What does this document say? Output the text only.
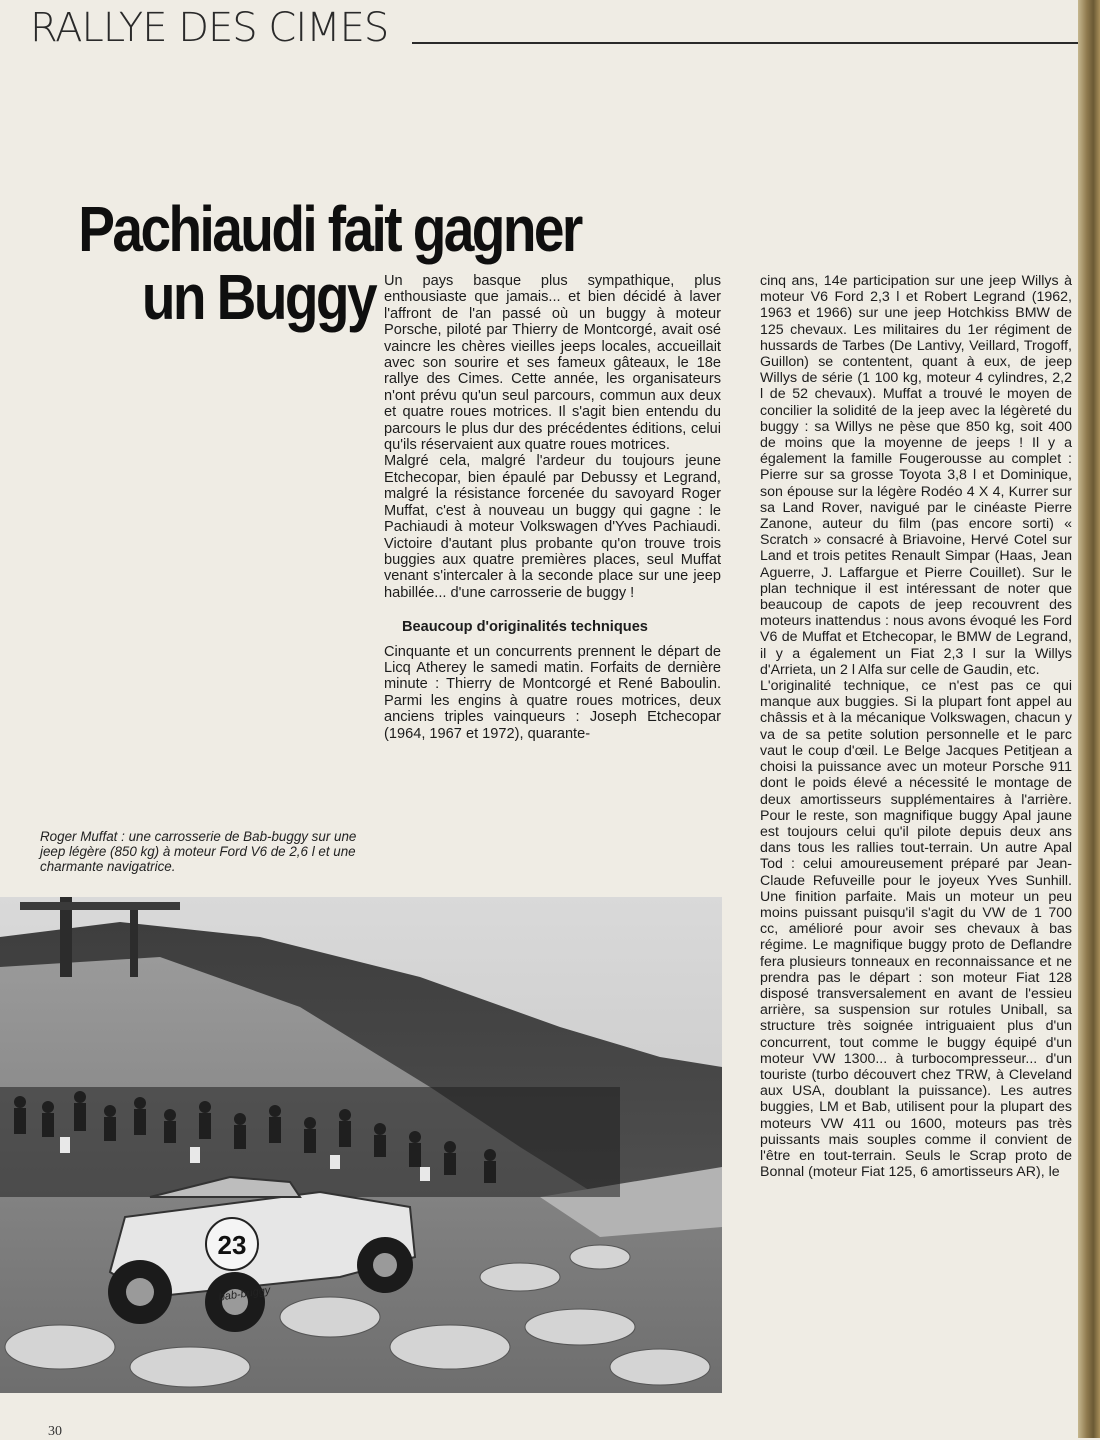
RALLYE DES CIMES
Pachiaudi fait gagner
un Buggy Un pays basque plus sympathique, plus enthousiaste que jamais... et bien décidé à laver l'affront de l'an passé où un buggy à moteur Porsche, piloté par Thierry de Montcorgé, avait osé vaincre les chères vieilles jeeps locales, accueillait avec son sourire et ses fameux gâteaux, le 18e rallye des Cimes. Cette année, les organisateurs n'ont prévu qu'un seul parcours, commun aux deux et quatre roues motrices. Il s'agit bien entendu du parcours le plus dur des précédentes éditions, celui qu'ils réservaient aux quatre roues motrices.

Malgré cela, malgré l'ardeur du toujours jeune Etchecopar, bien épaulé par Debussy et Legrand, malgré la résistance forcenée du savoyard Roger Muffat, c'est à nouveau un buggy qui gagne : le Pachiaudi à moteur Volkswagen d'Yves Pachiaudi. Victoire d'autant plus probante qu'on trouve trois buggies aux quatre premières places, seul Muffat venant s'intercaler à la seconde place sur une jeep habillée... d'une carrosserie de buggy !

Beaucoup d'originalités techniques

Cinquante et un concurrents prennent le départ de Licq Atherey le samedi matin. Forfaits de dernière minute : Thierry de Montcorgé et René Baboulin. Parmi les engins à quatre roues motrices, deux anciens triples vainqueurs : Joseph Etchecopar (1964, 1967 et 1972), quarante-

cinq ans, 14e participation sur une jeep Willys à moteur V6 Ford 2,3 l et Robert Legrand (1962, 1963 et 1966) sur une jeep Hotchkiss BMW de 125 chevaux. Les militaires du 1er régiment de hussards de Tarbes (De Lantivy, Veillard, Trogoff, Guillon) se contentent, quant à eux, de jeep Willys de série (1 100 kg, moteur 4 cylindres, 2,2 l de 52 chevaux). Muffat a trouvé le moyen de concilier la solidité de la jeep avec la légèreté du buggy : sa Willys ne pèse que 850 kg, soit 400 de moins que la moyenne de jeeps ! Il y a également la famille Fougerousse au complet : Pierre sur sa grosse Toyota 3,8 l et Dominique, son épouse sur la légère Rodéo 4 X 4, Kurrer sur sa Land Rover, navigué par le cinéaste Pierre Zanone, auteur du film (pas encore sorti) « Scratch » consacré à Briavoine, Hervé Cotel sur Land et trois petites Renault Simpar (Haas, Jean Aguerre, J. Laffargue et Pierre Couillet). Sur le plan technique il est intéressant de noter que beaucoup de capots de jeep recouvrent des moteurs inattendus : nous avons évoqué les Ford V6 de Muffat et Etchecopar, le BMW de Legrand, il y a également un Fiat 2,3 l sur la Willys d'Arrieta, un 2 l Alfa sur celle de Gaudin, etc.

L'originalité technique, ce n'est pas ce qui manque aux buggies. Si la plupart font appel au châssis et à la mécanique Volkswagen, chacun y va de sa petite solution personnelle et le parc vaut le coup d'œil. Le Belge Jacques Petitjean a choisi la puissance avec un moteur Porsche 911 dont le poids élevé a nécessité le montage de deux amortisseurs supplémentaires à l'arrière. Pour le reste, son magnifique buggy Apal jaune est toujours celui qu'il pilote depuis deux ans dans tous les rallies tout-terrain. Un autre Apal Tod : celui amoureusement préparé par Jean-Claude Refuveille pour le joyeux Yves Sunhill. Une finition parfaite. Mais un moteur un peu moins puissant puisqu'il s'agit du VW de 1 700 cc, amélioré pour avoir ses chevaux à bas régime. Le magnifique buggy proto de Deflandre fera plusieurs tonneaux en reconnaissance et ne prendra pas le départ : son moteur Fiat 128 disposé transversalement en avant de l'essieu arrière, sa suspension sur rotules Uniball, sa structure très soignée intriguaient plus d'un concurrent, tout comme le buggy équipé d'un moteur VW 1300... à turbocompresseur... d'un touriste (turbo découvert chez TRW, à Cleveland aux USA, doublant la puissance). Les autres buggies, LM et Bab, utilisent pour la plupart des moteurs VW 411 ou 1600, moteurs pas très puissants mais souples comme il convient de l'être en tout-terrain. Seuls le Scrap proto de Bonnal (moteur Fiat 125, 6 amortisseurs AR), le

Roger Muffat : une carrosserie de Bab-buggy sur une jeep légère (850 kg) à moteur Ford V6 de 2,6 l et une charmante navigatrice.
23
bab-buggy
30
